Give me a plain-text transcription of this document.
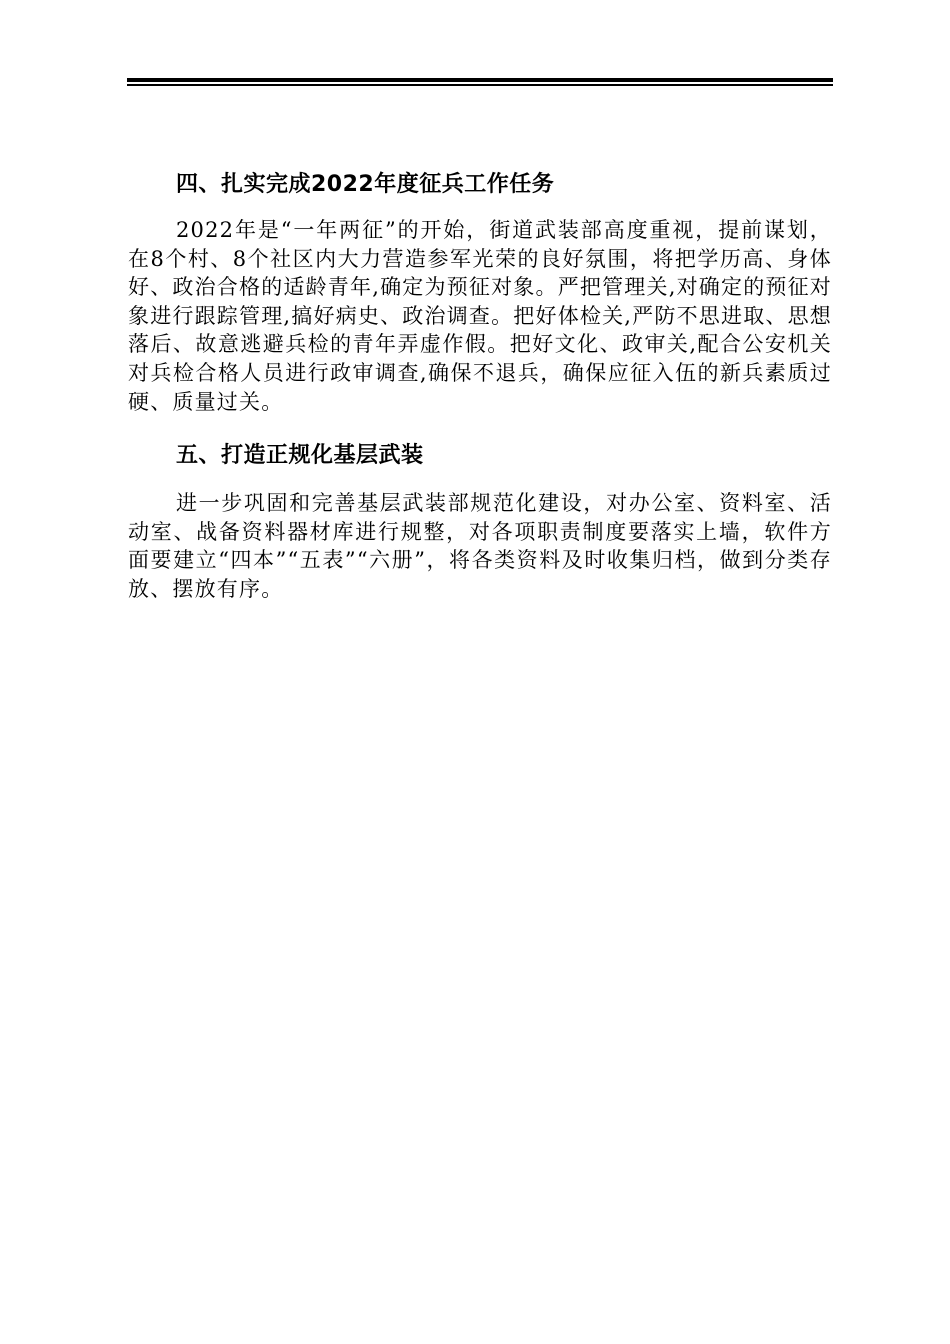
四、扎实完成2022年度征兵工作任务

2022年是“一年两征”的开始，街道武装部高度重视，提前谋划，在8个村、8个社区内大力营造参军光荣的良好氛围，将把学历高、身体好、政治合格的适龄青年,确定为预征对象。严把管理关,对确定的预征对象进行跟踪管理,搞好病史、政治调查。把好体检关,严防不思进取、思想落后、故意逃避兵检的青年弄虚作假。把好文化、政审关,配合公安机关对兵检合格人员进行政审调查,确保不退兵，确保应征入伍的新兵素质过硬、质量过关。

五、打造正规化基层武装

进一步巩固和完善基层武装部规范化建设，对办公室、资料室、活动室、战备资料器材库进行规整，对各项职责制度要落实上墙，软件方面要建立“四本”“五表”“六册”，将各类资料及时收集归档，做到分类存放、摆放有序。
